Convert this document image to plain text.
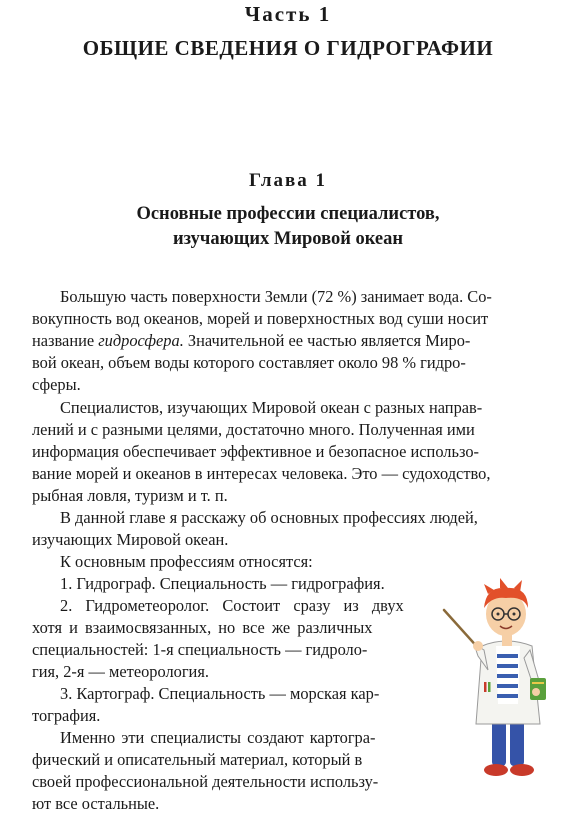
Часть 1
ОБЩИЕ СВЕДЕНИЯ О ГИДРОГРАФИИ
Глава 1
Основные профессии специалистов,
изучающих Мировой океан
Большую часть поверхности Земли (72 %) занимает вода. Со-
вокупность вод океанов, морей и поверхностных вод суши носит
название гидросфера. Значительной ее частью является Миро-
вой океан, объем воды которого составляет около 98 % гидро-
сферы.
Специалистов, изучающих Мировой океан с разных направ-
лений и с разными целями, достаточно много. Полученная ими
информация обеспечивает эффективное и безопасное использо-
вание морей и океанов в интересах человека. Это — судоходство,
рыбная ловля, туризм и т. п.
В данной главе я расскажу об основных профессиях людей,
изучающих Мировой океан.
К основным профессиям относятся:
1. Гидрограф. Специальность — гидрография.
2. Гидрометеоролог. Состоит сразу из двух
хотя и взаимосвязанных, но все же различных
специальностей: 1-я специальность — гидроло-
гия, 2-я — метеорология.
3. Картограф. Специальность — морская кар-
тография.
Именно эти специалисты создают картогра-
фический и описательный материал, который в
своей профессиональной деятельности использу-
ют все остальные.
